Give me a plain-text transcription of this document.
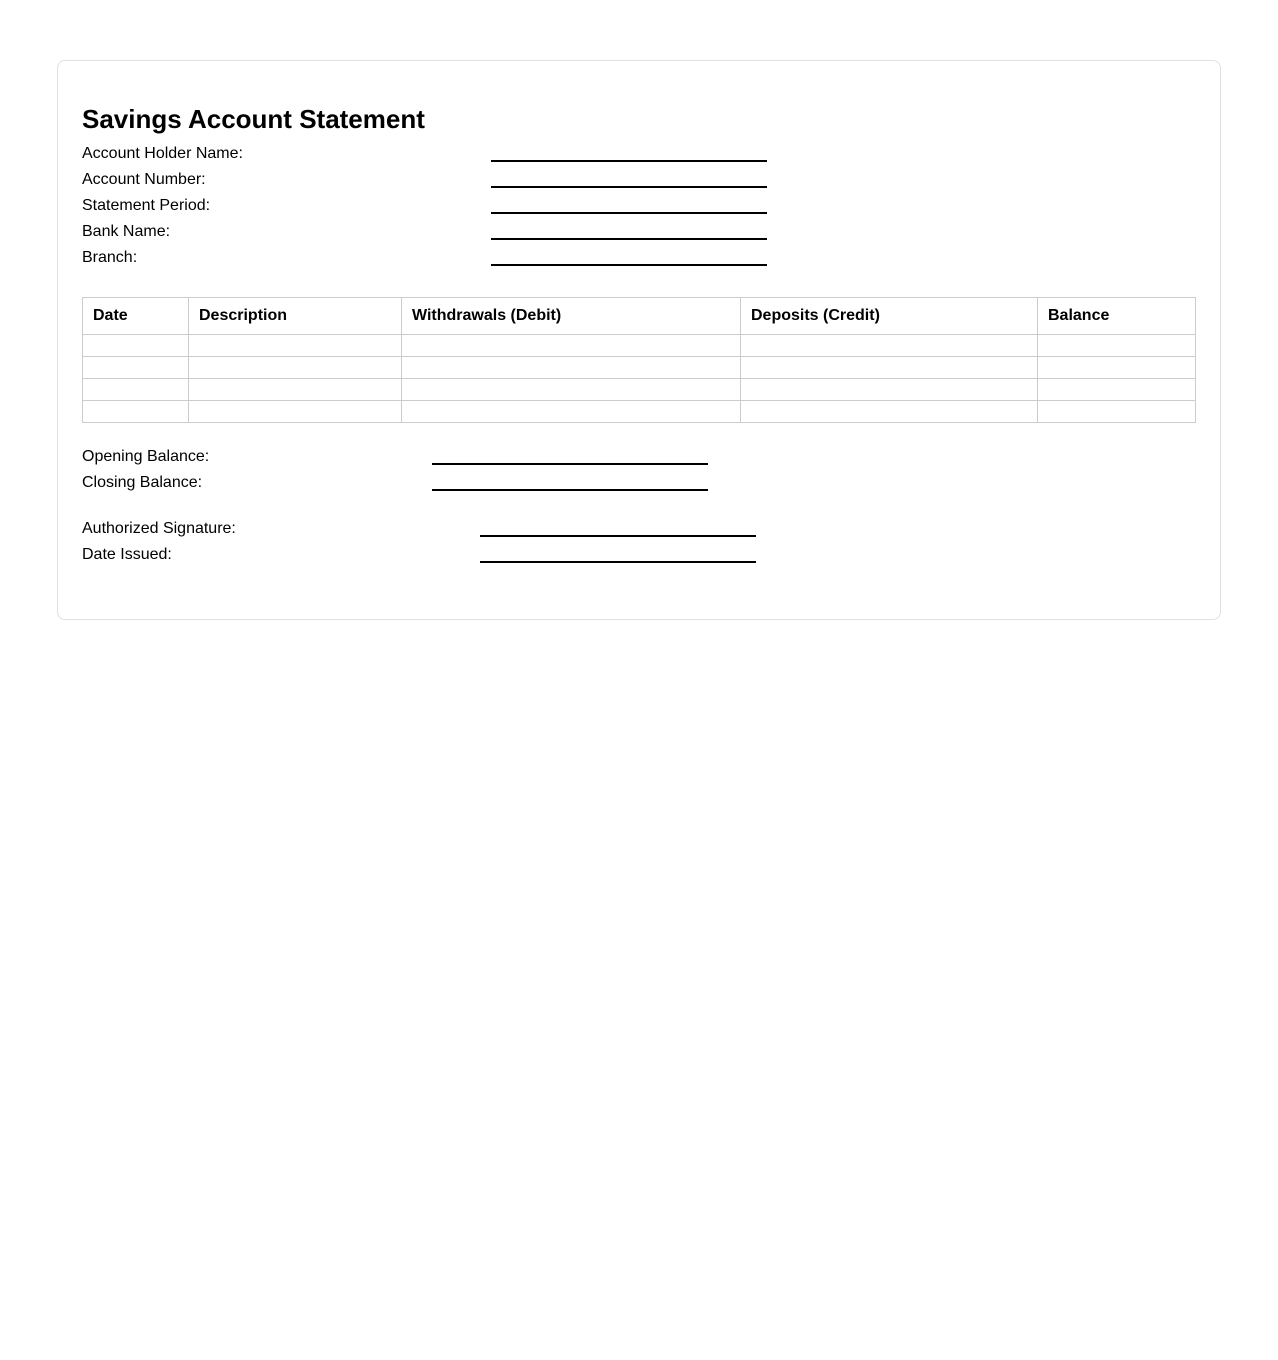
Savings Account Statement
Account Holder Name:
Account Number:
Statement Period:
Bank Name:
Branch:
Date	Description	Withdrawals (Debit)	Deposits (Credit)	Balance

Opening Balance:
Closing Balance:
Authorized Signature:
Date Issued:
